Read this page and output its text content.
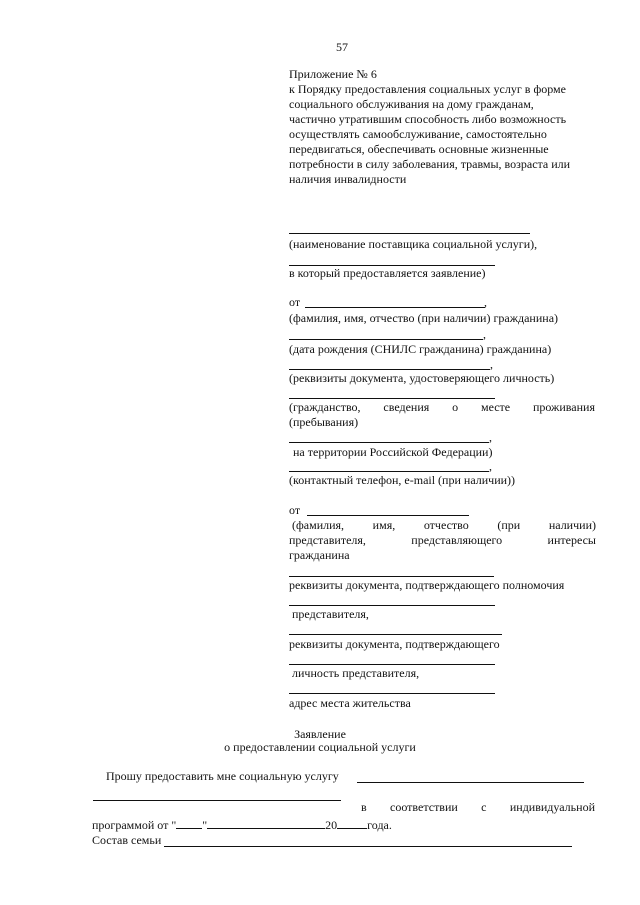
57
Приложение № 6
к Порядку предоставления социальных услуг в форме
социального обслуживания на дому гражданам,
частично утратившим способность либо возможность
осуществлять самообслуживание, самостоятельно
передвигаться, обеспечивать основные жизненные
потребности в силу заболевания, травмы, возраста или
наличия инвалидности
(наименование поставщика социальной услуги),
в который предоставляется заявление)
от	,
(фамилия, имя, отчество (при наличии) гражданина)
,
(дата рождения (СНИЛС гражданина) гражданина)
,
(реквизиты документа, удостоверяющего личность)
(гражданство, сведения о месте проживания
(пребывания)
,
на территории Российской Федерации)
,
(контактный телефон, e-mail (при наличии))
от
(фамилия, имя, отчество (при наличии)
представителя,	представляющего	интересы
гражданина
реквизиты документа, подтверждающего полномочия
представителя,
реквизиты документа, подтверждающего
личность представителя,
адрес места жительства
Заявление
о предоставлении социальной услуги
Прошу предоставить мне социальную услугу
в соответствии с индивидуальной
программой от " "	20	года.
Состав семьи
